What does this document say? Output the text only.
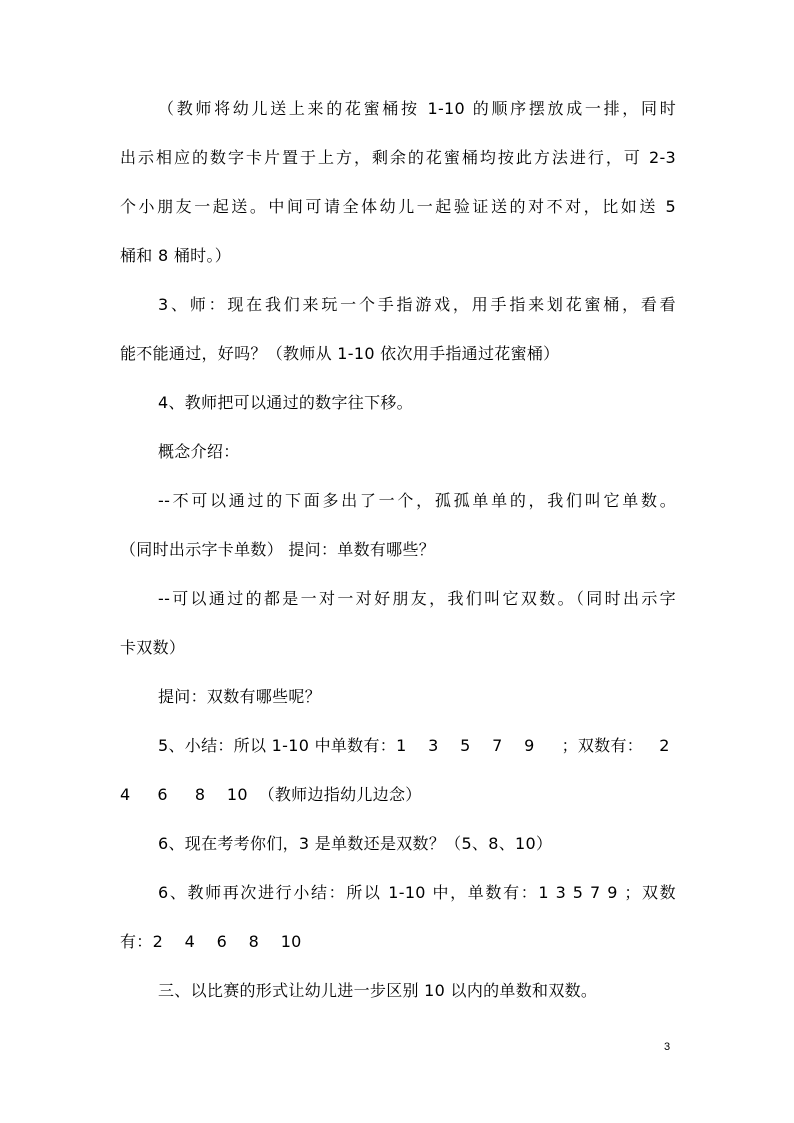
（教师将幼儿送上来的花蜜桶按 1-10 的顺序摆放成一排，同时
出示相应的数字卡片置于上方，剩余的花蜜桶均按此方法进行，可 2-3
个小朋友一起送。中间可请全体幼儿一起验证送的对不对，比如送 5
桶和 8 桶时。）
3、师：现在我们来玩一个手指游戏，用手指来划花蜜桶，看看
能不能通过，好吗？（教师从 1-10 依次用手指通过花蜜桶）
4、教师把可以通过的数字往下移。
概念介绍：
--不可以通过的下面多出了一个，孤孤单单的，我们叫它单数。
（同时出示字卡单数） 提问：单数有哪些？
--可以通过的都是一对一对好朋友，我们叫它双数。（同时出示字
卡双数）
提问：双数有哪些呢？
5、小结：所以 1-10 中单数有：1    3    5    7    9     ；双数有：   2
4     6     8    10  （教师边指幼儿边念）
6、现在考考你们，3 是单数还是双数？（5、8、10）
6、教师再次进行小结：所以 1-10 中，单数有：1 3 5 7 9 ；双数
有：2    4    6    8    10
三、以比赛的形式让幼儿进一步区别 10 以内的单数和双数。
3
